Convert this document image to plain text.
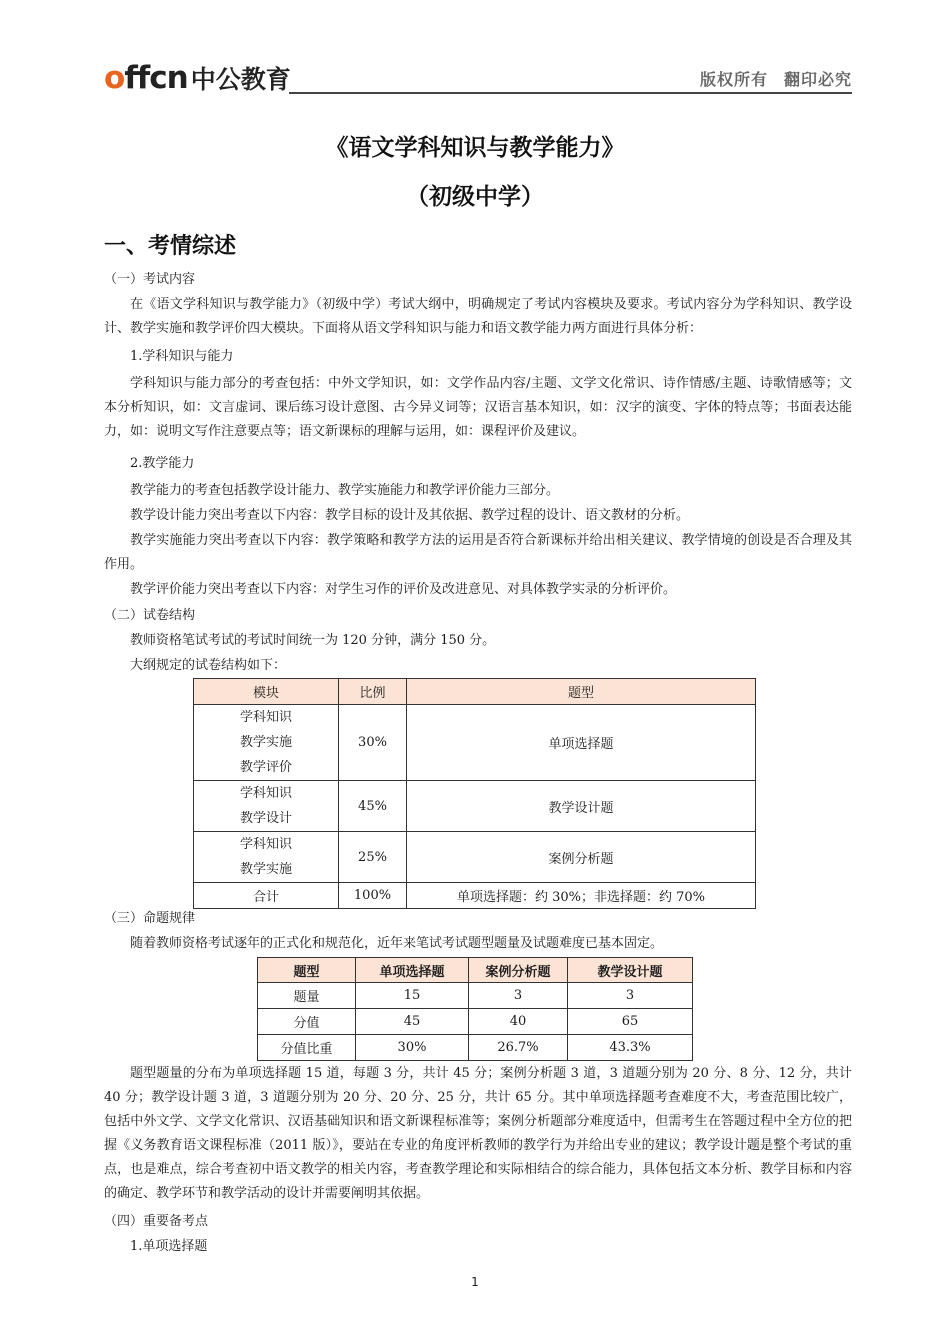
offcn 中公教育	版权所有 翻印必究
《语文学科知识与教学能力》
（初级中学）
一、考情综述
（一）考试内容
在《语文学科知识与教学能力》（初级中学）考试大纲中，明确规定了考试内容模块及要求。考试内容分为学科知识、教学设计、教学实施和教学评价四大模块。下面将从语文学科知识与能力和语文教学能力两方面进行具体分析：
1.学科知识与能力
学科知识与能力部分的考查包括：中外文学知识，如：文学作品内容/主题、文学文化常识、诗作情感/主题、诗歌情感等；文本分析知识，如：文言虚词、课后练习设计意图、古今异义词等；汉语言基本知识，如：汉字的演变、字体的特点等；书面表达能力，如：说明文写作注意要点等；语文新课标的理解与运用，如：课程评价及建议。
2.教学能力
教学能力的考查包括教学设计能力、教学实施能力和教学评价能力三部分。
教学设计能力突出考查以下内容：教学目标的设计及其依据、教学过程的设计、语文教材的分析。
教学实施能力突出考查以下内容：教学策略和教学方法的运用是否符合新课标并给出相关建议、教学情境的创设是否合理及其作用。
教学评价能力突出考查以下内容：对学生习作的评价及改进意见、对具体教学实录的分析评价。
（二）试卷结构
教师资格笔试考试的考试时间统一为 120 分钟，满分 150 分。
大纲规定的试卷结构如下：
模块	比例	题型

学科知识
教学实施
教学评价	30%	单项选择题

学科知识
教学设计	45%	教学设计题

学科知识
教学实施	25%	案例分析题
合计	100%	单项选择题：约 30%；非选择题：约 70%
（三）命题规律
随着教师资格考试逐年的正式化和规范化，近年来笔试考试题型题量及试题难度已基本固定。
题型	单项选择题	案例分析题	教学设计题
题量	15	3	3
分值	45	40	65
分值比重	30%	26.7%	43.3%
题型题量的分布为单项选择题 15 道，每题 3 分，共计 45 分；案例分析题 3 道，3 道题分别为 20 分、8 分、12 分，共计 40 分；教学设计题 3 道，3 道题分别为 20 分、20 分、25 分，共计 65 分。其中单项选择题考查难度不大，考查范围比较广，包括中外文学、文学文化常识、汉语基础知识和语文新课程标准等；案例分析题部分难度适中，但需考生在答题过程中全方位的把握《义务教育语文课程标准（2011 版）》，要站在专业的角度评析教师的教学行为并给出专业的建议；教学设计题是整个考试的重点，也是难点，综合考查初中语文教学的相关内容，考查教学理论和实际相结合的综合能力，具体包括文本分析、教学目标和内容的确定、教学环节和教学活动的设计并需要阐明其依据。
（四）重要备考点
1.单项选择题
1
